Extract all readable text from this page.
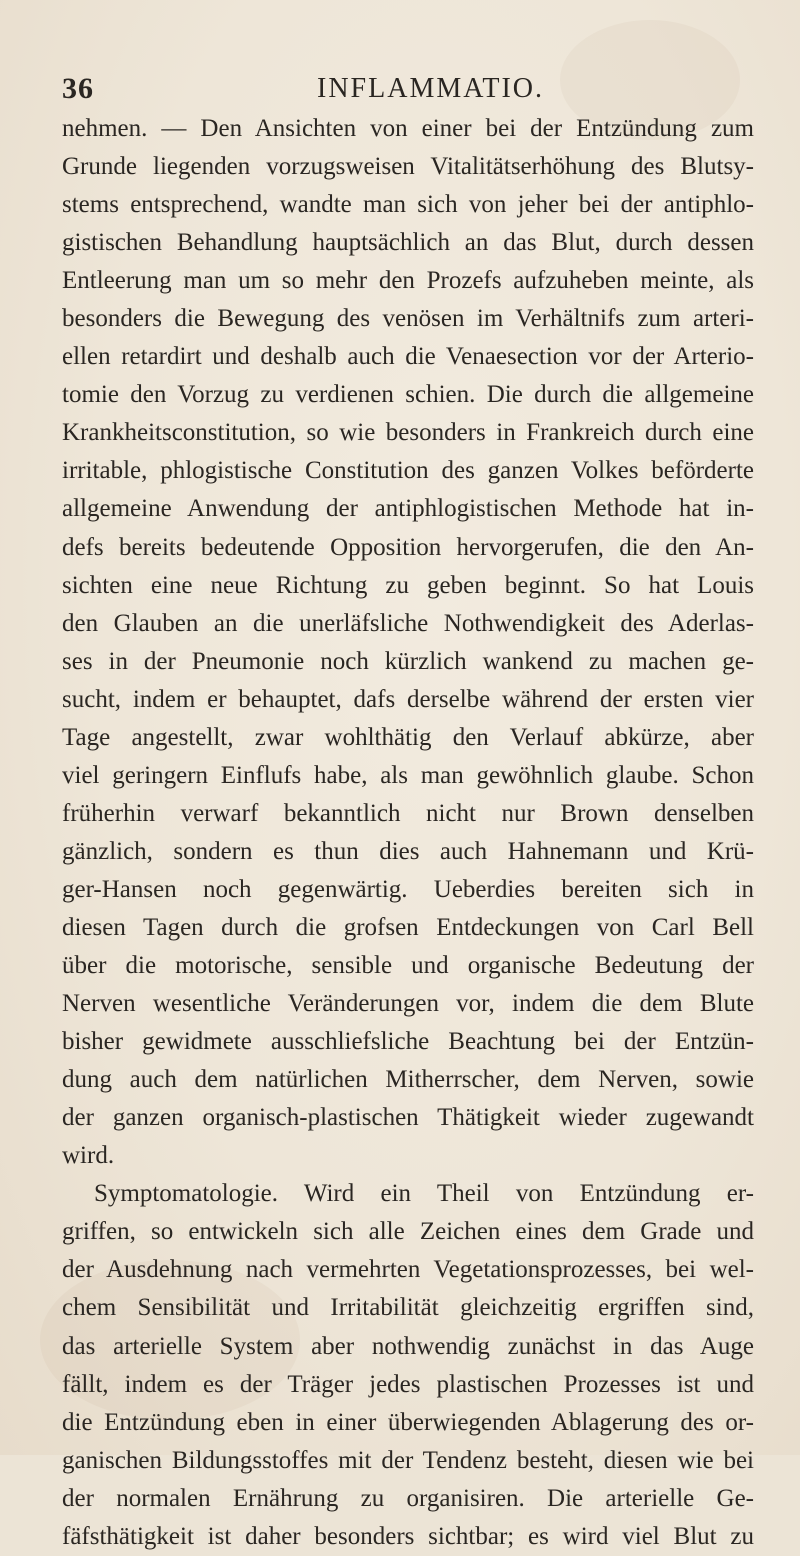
36	INFLAMMATIO.
nehmen. — Den Ansichten von einer bei der Entzündung zum
Grunde liegenden vorzugsweisen Vitalitätserhöhung des Blutsy-
stems entsprechend, wandte man sich von jeher bei der antiphlo-
gistischen Behandlung hauptsächlich an das Blut, durch dessen
Entleerung man um so mehr den Prozefs aufzuheben meinte, als
besonders die Bewegung des venösen im Verhältnifs zum arteri-
ellen retardirt und deshalb auch die Venaesection vor der Arterio-
tomie den Vorzug zu verdienen schien. Die durch die allgemeine
Krankheitsconstitution, so wie besonders in Frankreich durch eine
irritable, phlogistische Constitution des ganzen Volkes beförderte
allgemeine Anwendung der antiphlogistischen Methode hat in-
defs bereits bedeutende Opposition hervorgerufen, die den An-
sichten eine neue Richtung zu geben beginnt. So hat Louis
den Glauben an die unerläfsliche Nothwendigkeit des Aderlas-
ses in der Pneumonie noch kürzlich wankend zu machen ge-
sucht, indem er behauptet, dafs derselbe während der ersten vier
Tage angestellt, zwar wohlthätig den Verlauf abkürze, aber
viel geringern Einflufs habe, als man gewöhnlich glaube. Schon
früherhin verwarf bekanntlich nicht nur Brown denselben
gänzlich, sondern es thun dies auch Hahnemann und Krü-
ger-Hansen noch gegenwärtig. Ueberdies bereiten sich in
diesen Tagen durch die grofsen Entdeckungen von Carl Bell
über die motorische, sensible und organische Bedeutung der
Nerven wesentliche Veränderungen vor, indem die dem Blute
bisher gewidmete ausschliefsliche Beachtung bei der Entzün-
dung auch dem natürlichen Mitherrscher, dem Nerven, sowie
der ganzen organisch-plastischen Thätigkeit wieder zugewandt
wird.
Symptomatologie. Wird ein Theil von Entzündung er-
griffen, so entwickeln sich alle Zeichen eines dem Grade und
der Ausdehnung nach vermehrten Vegetationsprozesses, bei wel-
chem Sensibilität und Irritabilität gleichzeitig ergriffen sind,
das arterielle System aber nothwendig zunächst in das Auge
fällt, indem es der Träger jedes plastischen Prozesses ist und
die Entzündung eben in einer überwiegenden Ablagerung des or-
ganischen Bildungsstoffes mit der Tendenz besteht, diesen wie bei
der normalen Ernährung zu organisiren. Die arterielle Ge-
fäfsthätigkeit ist daher besonders sichtbar; es wird viel Blut zu
